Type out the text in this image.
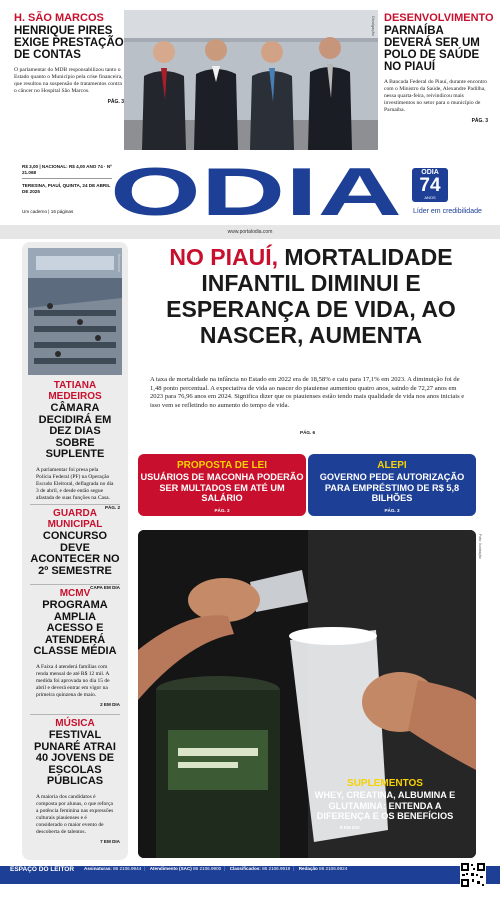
H. SÃO MARCOS
HENRIQUE PIRES EXIGE PRESTAÇÃO DE CONTAS
O parlamentar do MDB responsabilizou tanto o Estado quanto o Município pela crise financeira, que resultou na suspensão de tratamentos contra o câncer no Hospital São Marcos.
PÁG. 3
Divulgação DESENVOLVIMENTO
PARNAÍBA DEVERÁ SER UM POLO DE SAÚDE NO PIAUÍ
A Bancada Federal do Piauí, durante encontro com o Ministro da Saúde, Alexandre Padilha, nessa quarta-feira, reivindicou mais investimentos no setor para o município de Parnaíba.
PÁG. 3
R$ 3,00 | NACIONAL: R$ 4,00 ANO 74 · Nº 21.068
TERESINA, PIAUÍ, QUINTA, 24 DE ABRIL DE 2025
Um caderno | 16 páginas ODIA	ODIA
74
ANOS
Líder em credibilidade
www.portalodia.com
Assessoria
TATIANA MEDEIROS
CÂMARA DECIDIRÁ EM DEZ DIAS SOBRE SUPLENTE
A parlamentar foi presa pela Polícia Federal (PF) na Operação Escudo Eleitoral, deflagrada no dia 3 de abril, e desde então segue afastada de suas funções na Casa.
PÁG. 2
GUARDA MUNICIPAL
CONCURSO DEVE ACONTECER NO 2º SEMESTRE
CAPA EM DIA
MCMV
PROGRAMA AMPLIA ACESSO E ATENDERÁ CLASSE MÉDIA
A Faixa 4 atenderá famílias com renda mensal de até R$ 12 mil. A medida foi aprovada no dia 15 de abril e deverá entrar em vigor na primeira quinzena de maio.
2 EM DIA
MÚSICA
FESTIVAL PUNARÉ ATRAI 40 JOVENS DE ESCOLAS PÚBLICAS
A maioria dos candidatos é composta por alunas, o que reforça a potência feminina nas expressões culturais piauienses e é considerado o maior evento de descoberta de talentos.
7 EM DIA
NO PIAUÍ, MORTALIDADE INFANTIL DIMINUI E ESPERANÇA DE VIDA, AO NASCER, AUMENTA
A taxa de mortalidade na infância no Estado em 2022 era de 18,58% e caiu para 17,1% em 2023. A diminuição foi de 1,48 ponto percentual. A expectativa de vida ao nascer do piauiense aumentou quatro anos, saindo de 72,27 anos em 2023 para 76,96 anos em 2024. Significa dizer que os piauienses estão tendo mais qualidade de vida nos anos iniciais e isso vem se refletindo no aumento do tempo de vida.
PÁG. 6
PROPOSTA DE LEI
USUÁRIOS DE MACONHA PODERÃO SER MULTADOS EM ATÉ UM SALÁRIO
PÁG. 3
ALEPI
GOVERNO PEDE AUTORIZAÇÃO PARA EMPRÉSTIMO DE R$ 5,8 BILHÕES
PÁG. 3
Foto: Ilustração
SUPLEMENTOS
WHEY, CREATINA, ALBUMINA E GLUTAMINA: ENTENDA A DIFERENÇA E OS BENEFÍCIOS
8 EM DIA
ESPAÇO DO LEITOR Assinaturas: 86 2106.9944 | Atendimento (SAC) 86 2106.9900 | Classificados: 86 2106.9919 | Redação 86 2106.9924
